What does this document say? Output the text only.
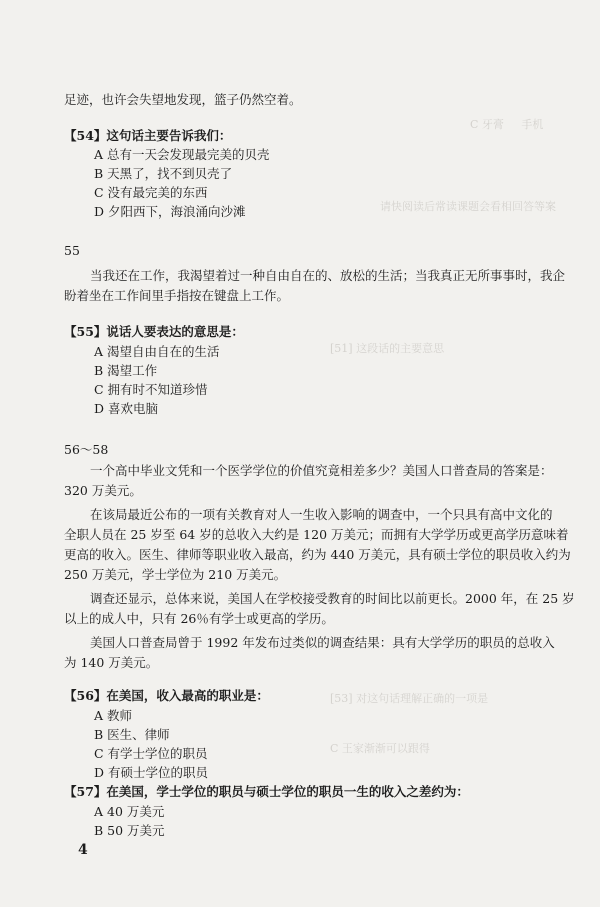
C 牙膏     手机
请快阅读后常读课题会看相回答等案
[51] 这段话的主要意思
[53] 对这句话理解正确的一项是
C 王家渐渐可以跟得
足迹，也许会失望地发现，篮子仍然空着。
【54】这句话主要告诉我们：
A 总有一天会发现最完美的贝壳
B 天黑了，找不到贝壳了
C 没有最完美的东西
D 夕阳西下，海浪涌向沙滩
55
当我还在工作，我渴望着过一种自由自在的、放松的生活；当我真正无所事事时，我企
盼着坐在工作间里手指按在键盘上工作。
【55】说话人要表达的意思是：
A 渴望自由自在的生活
B 渴望工作
C 拥有时不知道珍惜
D 喜欢电脑
56～58
一个高中毕业文凭和一个医学学位的价值究竟相差多少？美国人口普查局的答案是：
320 万美元。
在该局最近公布的一项有关教育对人一生收入影响的调查中，一个只具有高中文化的
全职人员在 25 岁至 64 岁的总收入大约是 120 万美元；而拥有大学学历或更高学历意味着
更高的收入。医生、律师等职业收入最高，约为 440 万美元，具有硕士学位的职员收入约为
250 万美元，学士学位为 210 万美元。
调查还显示，总体来说，美国人在学校接受教育的时间比以前更长。2000 年，在 25 岁
以上的成人中，只有 26％有学士或更高的学历。
美国人口普查局曾于 1992 年发布过类似的调查结果：具有大学学历的职员的总收入
为 140 万美元。
【56】在美国，收入最高的职业是：
A 教师
B 医生、律师
C 有学士学位的职员
D 有硕士学位的职员
【57】在美国，学士学位的职员与硕士学位的职员一生的收入之差约为：
A 40 万美元
B 50 万美元
4
